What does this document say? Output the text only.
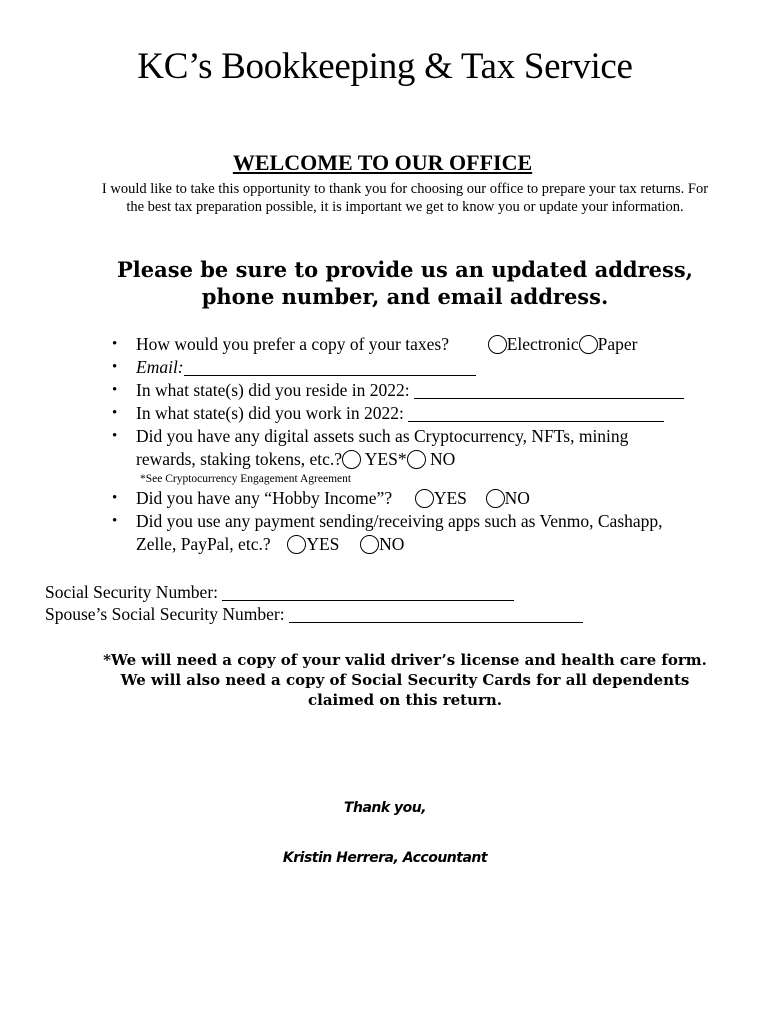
KC’s Bookkeeping & Tax Service
WELCOME TO OUR OFFICE
I would like to take this opportunity to thank you for choosing our office to prepare your tax returns. For the best tax preparation possible, it is important we get to know you or update your information.
Please be sure to provide us an updated address, phone number, and email address.
• How would you prefer a copy of your taxes?	Electronic Paper
• Email:
• In what state(s) did you reside in 2022:
• In what state(s) did you work in 2022:
• Did you have any digital assets such as Cryptocurrency, NFTs, mining
rewards, staking tokens, etc.? YES* NO
*See Cryptocurrency Engagement Agreement
• Did you have any “Hobby Income”? YES NO
• Did you use any payment sending/receiving apps such as Venmo, Cashapp,
Zelle, PayPal, etc.? YES NO
Social Security Number:
Spouse’s Social Security Number:
*We will need a copy of your valid driver’s license and health care form. We will also need a copy of Social Security Cards for all dependents claimed on this return.
Thank you,
Kristin Herrera, Accountant
